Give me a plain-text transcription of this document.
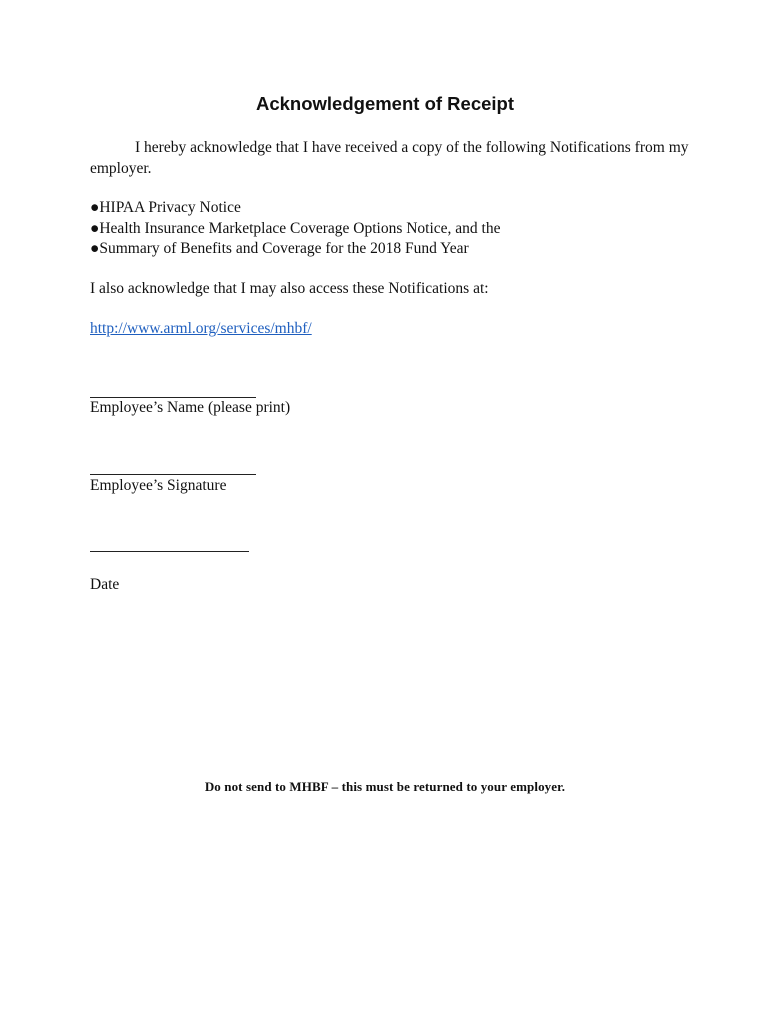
Acknowledgement of Receipt
I hereby acknowledge that I have received a copy of the following Notifications from my employer.
●HIPAA Privacy Notice
●Health Insurance Marketplace Coverage Options Notice, and the
●Summary of Benefits and Coverage for the 2018 Fund Year
I also acknowledge that I may also access these Notifications at:
http://www.arml.org/services/mhbf/
Employee’s Name (please print)
Employee’s Signature
Date
Do not send to MHBF – this must be returned to your employer.
